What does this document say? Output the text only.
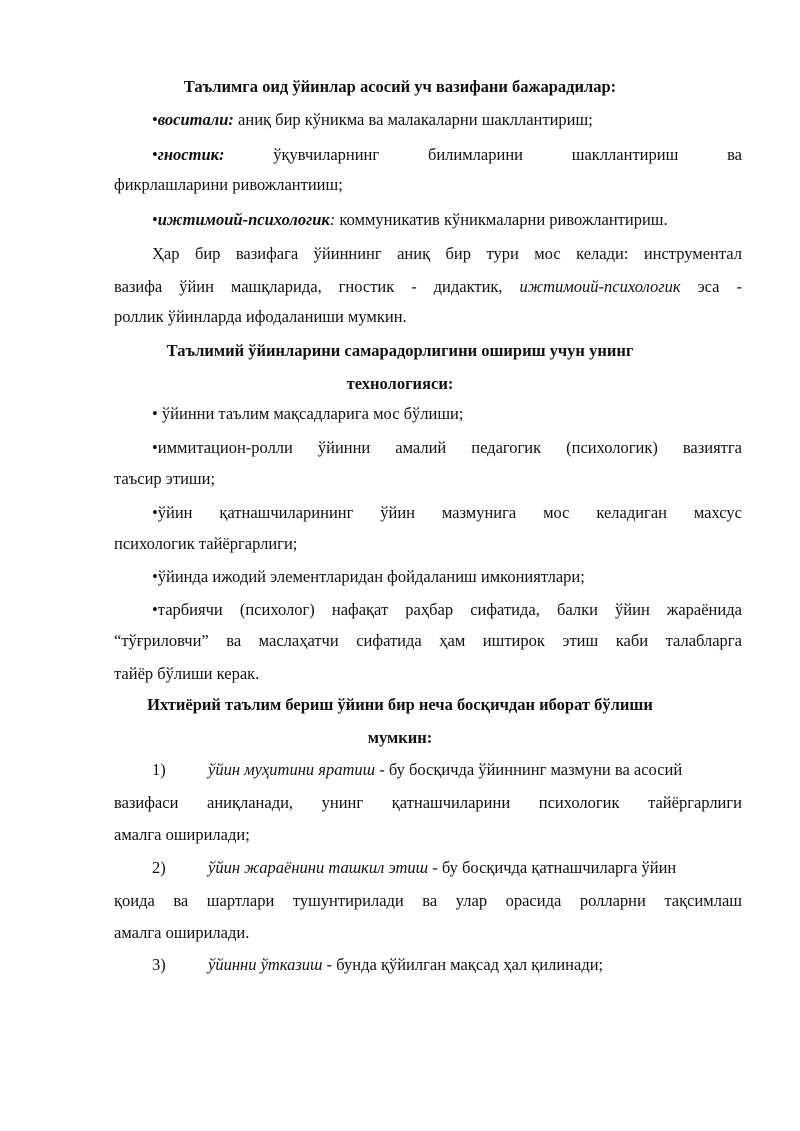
Таълимга оид ўйинлар асосий уч вазифани бажарадилар:
•воситали: аниқ бир кўникма ва малакаларни шакллантириш;
•гностик:	ўқувчиларнинг	билимларини	шакллантириш	ва
фикрлашларини ривожлантииш;
•ижтимоий-психологик: коммуникатив кўникмаларни ривожлантириш.
Ҳар бир вазифага ўйиннинг аниқ бир тури мос келади: инструментал
вазифа ўйин машқларида, гностик - дидактик, ижтимоий-психологик эса -
роллик ўйинларда ифодаланиши мумкин.
Таълимий ўйинларини самарадорлигини ошириш учун унинг
технологияси:
• ўйинни таълим мақсадларига мос бўлиши;
•иммитацион-ролли ўйинни амалий педагогик (психологик) вазиятга
таъсир этиши;
•ўйин қатнашчиларининг ўйин мазмунига мос келадиган махсус
психологик тайёргарлиги;
•ўйинда ижодий элементларидан фойдаланиш имкониятлари;
•тарбиячи (психолог) нафақат раҳбар сифатида, балки ўйин жараёнида
“тўғриловчи” ва маслаҳатчи сифатида ҳам иштирок этиш каби талабларга
тайёр бўлиши керак.
Ихтиёрий таълим бериш ўйини бир неча босқичдан иборат бўлиши
мумкин:
1)	ўйин муҳитини яратиш - бу босқичда ўйиннинг мазмуни ва асосий
вазифаси аниқланади, унинг қатнашчиларини психологик тайёргарлиги
амалга оширилади;
2)	ўйин жараёнини ташкил этиш - бу босқичда қатнашчиларга ўйин
қоида ва шартлари тушунтирилади ва улар орасида ролларни тақсимлаш
амалга оширилади.
3)	ўйинни ўтказиш - бунда қўйилган мақсад ҳал қилинади;
